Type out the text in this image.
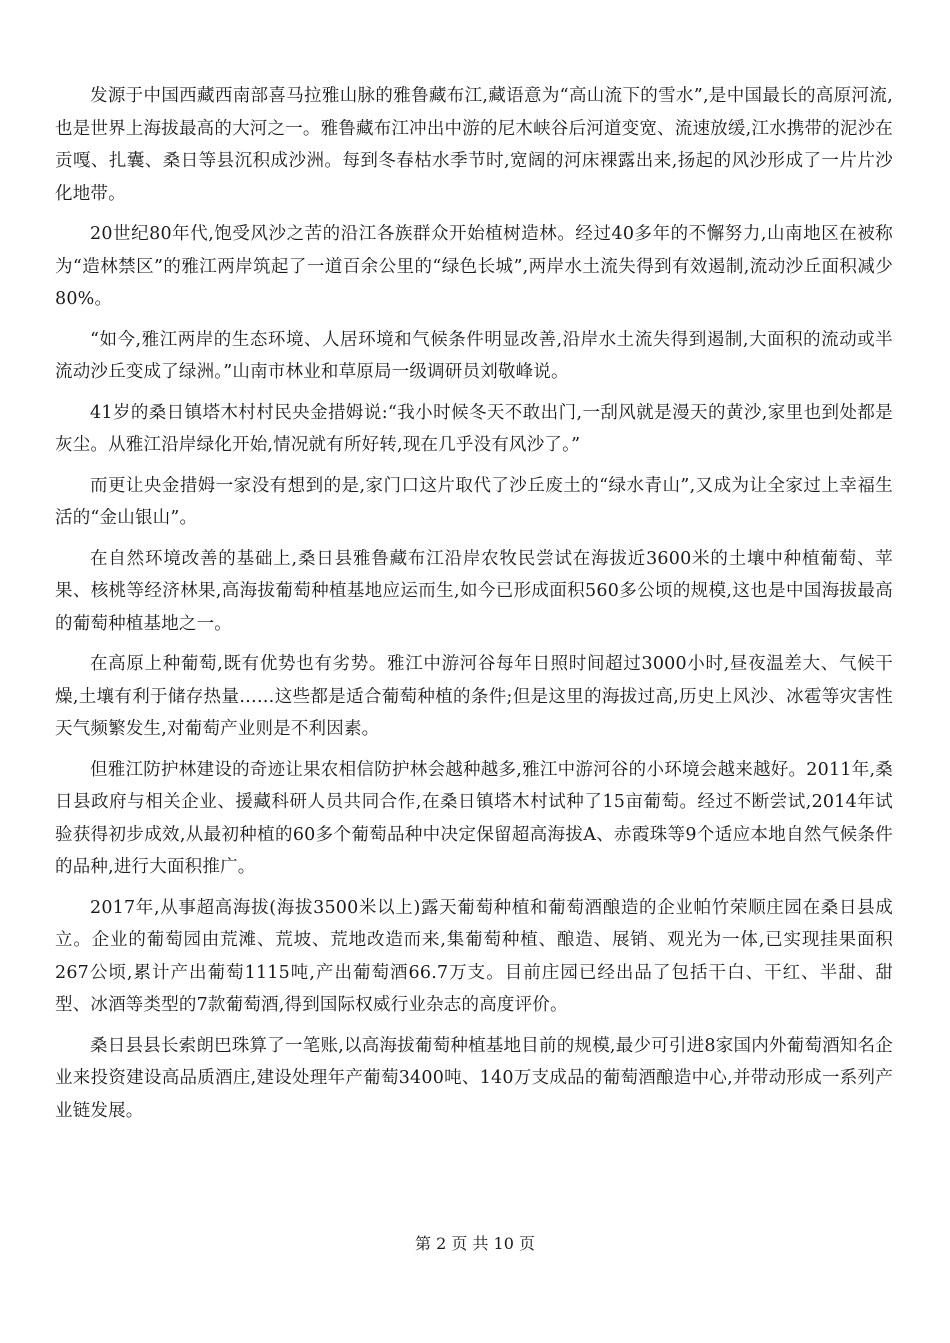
发源于中国西藏西南部喜马拉雅山脉的雅鲁藏布江,藏语意为“高山流下的雪水”,是中国最长的高原河流,也是世界上海拔最高的大河之一。雅鲁藏布江冲出中游的尼木峡谷后河道变宽、流速放缓,江水携带的泥沙在贡嘎、扎囊、桑日等县沉积成沙洲。每到冬春枯水季节时,宽阔的河床裸露出来,扬起的风沙形成了一片片沙化地带。

20世纪80年代,饱受风沙之苦的沿江各族群众开始植树造林。经过40多年的不懈努力,山南地区在被称为“造林禁区”的雅江两岸筑起了一道百余公里的“绿色长城”,两岸水土流失得到有效遏制,流动沙丘面积减少80%。

“如今,雅江两岸的生态环境、人居环境和气候条件明显改善,沿岸水土流失得到遏制,大面积的流动或半流动沙丘变成了绿洲。”山南市林业和草原局一级调研员刘敬峰说。

41岁的桑日镇塔木村村民央金措姆说:“我小时候冬天不敢出门,一刮风就是漫天的黄沙,家里也到处都是灰尘。从雅江沿岸绿化开始,情况就有所好转,现在几乎没有风沙了。”

而更让央金措姆一家没有想到的是,家门口这片取代了沙丘废土的“绿水青山”,又成为让全家过上幸福生活的“金山银山”。

在自然环境改善的基础上,桑日县雅鲁藏布江沿岸农牧民尝试在海拔近3600米的土壤中种植葡萄、苹果、核桃等经济林果,高海拔葡萄种植基地应运而生,如今已形成面积560多公顷的规模,这也是中国海拔最高的葡萄种植基地之一。

在高原上种葡萄,既有优势也有劣势。雅江中游河谷每年日照时间超过3000小时,昼夜温差大、气候干燥,土壤有利于储存热量……这些都是适合葡萄种植的条件;但是这里的海拔过高,历史上风沙、冰雹等灾害性天气频繁发生,对葡萄产业则是不利因素。

但雅江防护林建设的奇迹让果农相信防护林会越种越多,雅江中游河谷的小环境会越来越好。2011年,桑日县政府与相关企业、援藏科研人员共同合作,在桑日镇塔木村试种了15亩葡萄。经过不断尝试,2014年试验获得初步成效,从最初种植的60多个葡萄品种中决定保留超高海拔A、赤霞珠等9个适应本地自然气候条件的品种,进行大面积推广。

2017年,从事超高海拔(海拔3500米以上)露天葡萄种植和葡萄酒酿造的企业帕竹荣顺庄园在桑日县成立。企业的葡萄园由荒滩、荒坡、荒地改造而来,集葡萄种植、酿造、展销、观光为一体,已实现挂果面积267公顷,累计产出葡萄1115吨,产出葡萄酒66.7万支。目前庄园已经出品了包括干白、干红、半甜、甜型、冰酒等类型的7款葡萄酒,得到国际权威行业杂志的高度评价。

桑日县县长索朗巴珠算了一笔账,以高海拔葡萄种植基地目前的规模,最少可引进8家国内外葡萄酒知名企业来投资建设高品质酒庄,建设处理年产葡萄3400吨、140万支成品的葡萄酒酿造中心,并带动形成一系列产业链发展。

第 2 页 共 10 页
